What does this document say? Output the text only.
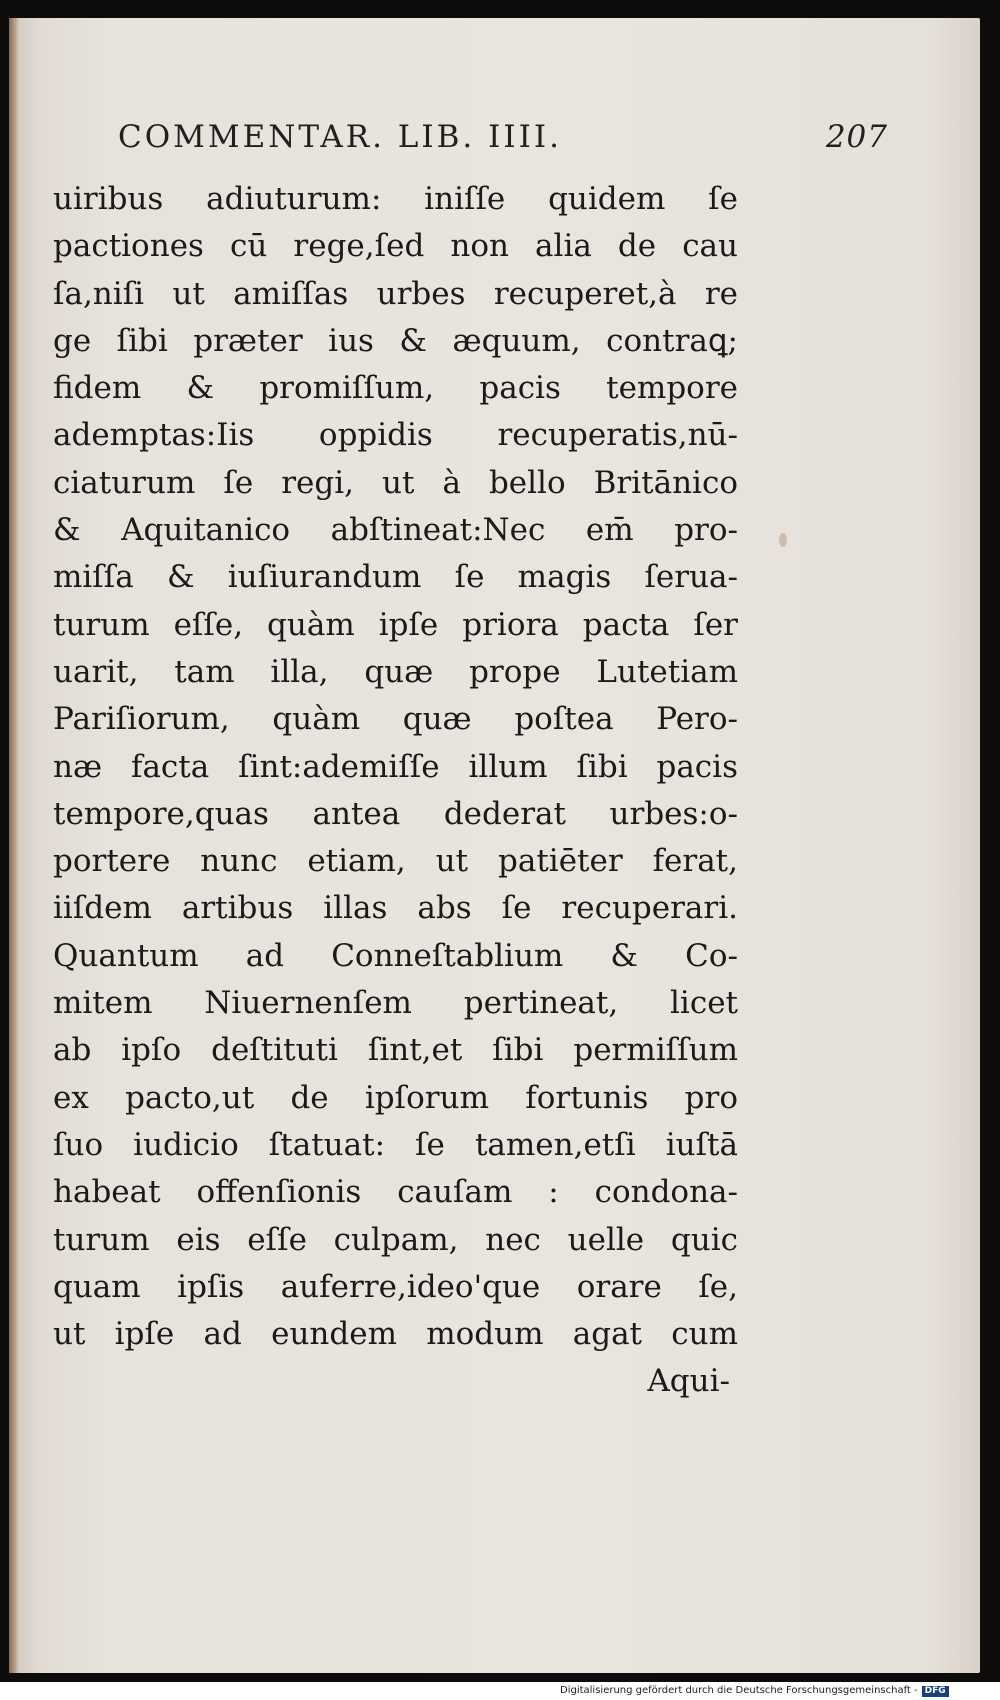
COMMENTAR. LIB. IIII.	207
uiribus adiuturum: iniſſe quidem ſe
pactiones cū rege,ſed non alia de cau
ſa,niſi ut amiſſas urbes recuperet,à re
ge ſibi præter ius & æquum, contraꝗ;
fidem & promiſſum, pacis tempore
ademptas:Iis oppidis recuperatis,nū-
ciaturum ſe regi, ut à bello Britānico
& Aquitanico abſtineat:Nec em̄ pro-
miſſa & iuſiurandum ſe magis ſerua-
turum eſſe, quàm ipſe priora pacta ſer
uarit, tam illa, quæ prope Lutetiam
Pariſiorum, quàm quæ poſtea Pero-
næ facta ſint:ademiſſe illum ſibi pacis
tempore,quas antea dederat urbes:o-
portere nunc etiam, ut patiēter ferat,
iiſdem artibus illas abs ſe recuperari.
Quantum ad Conneſtablium & Co-
mitem Niuernenſem pertineat, licet
ab ipſo deſtituti ſint,et ſibi permiſſum
ex pacto,ut de ipſorum fortunis pro
ſuo iudicio ſtatuat: ſe tamen,etſi iuſtā
habeat offenſionis cauſam : condona-
turum eis eſſe culpam, nec uelle quic
quam ipſis auferre,ideo'que orare ſe,
ut ipſe ad eundem modum agat cum
Aqui-
Digitalisierung gefördert durch die Deutsche Forschungsgemeinschaft - DFG
